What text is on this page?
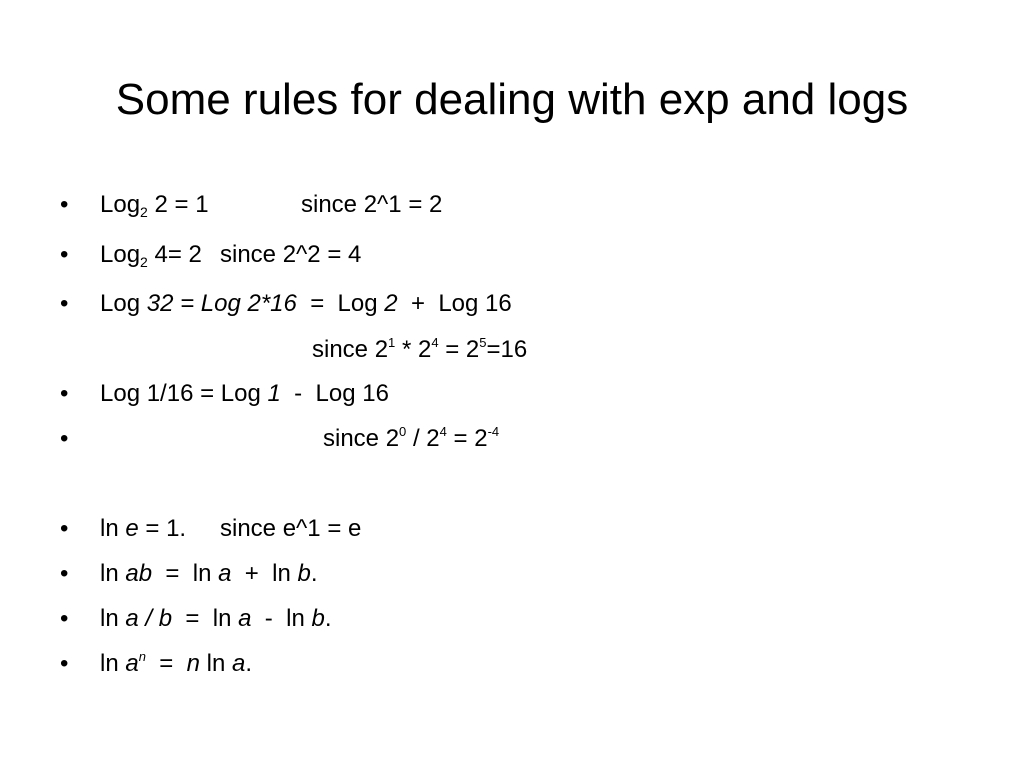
Some rules for dealing with exp and logs
•
•
•
•
•
•
•
•
•
Log$_2$ 2 = 1	since 2^1 = 2
Log$_2$ 4= 2 since 2^2 = 4
Log 32 = Log 2*16  =  Log 2  +  Log 16
since $2^1 * 2^4 = 2^5=16$
Log 1/16 = Log 1  -  Log 16
since $2^0 / 2^4 = 2^{-4}$
ln e = 1. since e^1 = e
ln ab  =  ln a  +  ln b.
ln a / b  =  ln a  -  ln b.
$\ln a^n = n$ ln a.
